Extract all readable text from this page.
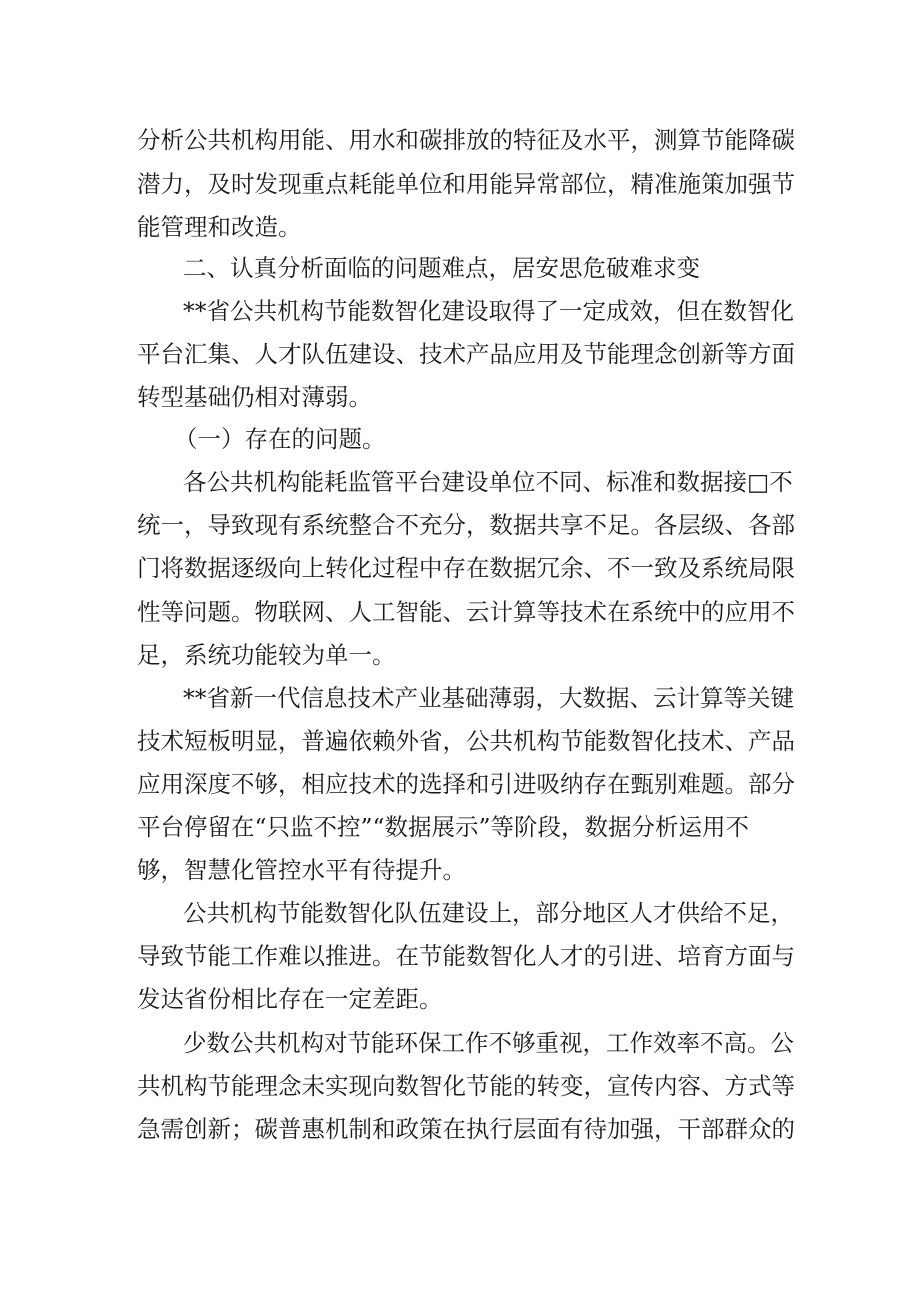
分析公共机构用能、用水和碳排放的特征及水平，测算节能降碳
潜力，及时发现重点耗能单位和用能异常部位，精准施策加强节
能管理和改造。
二、认真分析面临的问题难点，居安思危破难求变
**省公共机构节能数智化建设取得了一定成效，但在数智化
平台汇集、人才队伍建设、技术产品应用及节能理念创新等方面
转型基础仍相对薄弱。
（一）存在的问题。
各公共机构能耗监管平台建设单位不同、标准和数据接□不
统一，导致现有系统整合不充分，数据共享不足。各层级、各部
门将数据逐级向上转化过程中存在数据冗余、不一致及系统局限
性等问题。物联网、人工智能、云计算等技术在系统中的应用不
足，系统功能较为单一。
**省新一代信息技术产业基础薄弱，大数据、云计算等关键
技术短板明显，普遍依赖外省，公共机构节能数智化技术、产品
应用深度不够，相应技术的选择和引进吸纳存在甄别难题。部分
平台停留在“只监不控”“数据展示”等阶段，数据分析运用不
够，智慧化管控水平有待提升。
公共机构节能数智化队伍建设上，部分地区人才供给不足，
导致节能工作难以推进。在节能数智化人才的引进、培育方面与
发达省份相比存在一定差距。
少数公共机构对节能环保工作不够重视，工作效率不高。公
共机构节能理念未实现向数智化节能的转变，宣传内容、方式等
急需创新；碳普惠机制和政策在执行层面有待加强，干部群众的
